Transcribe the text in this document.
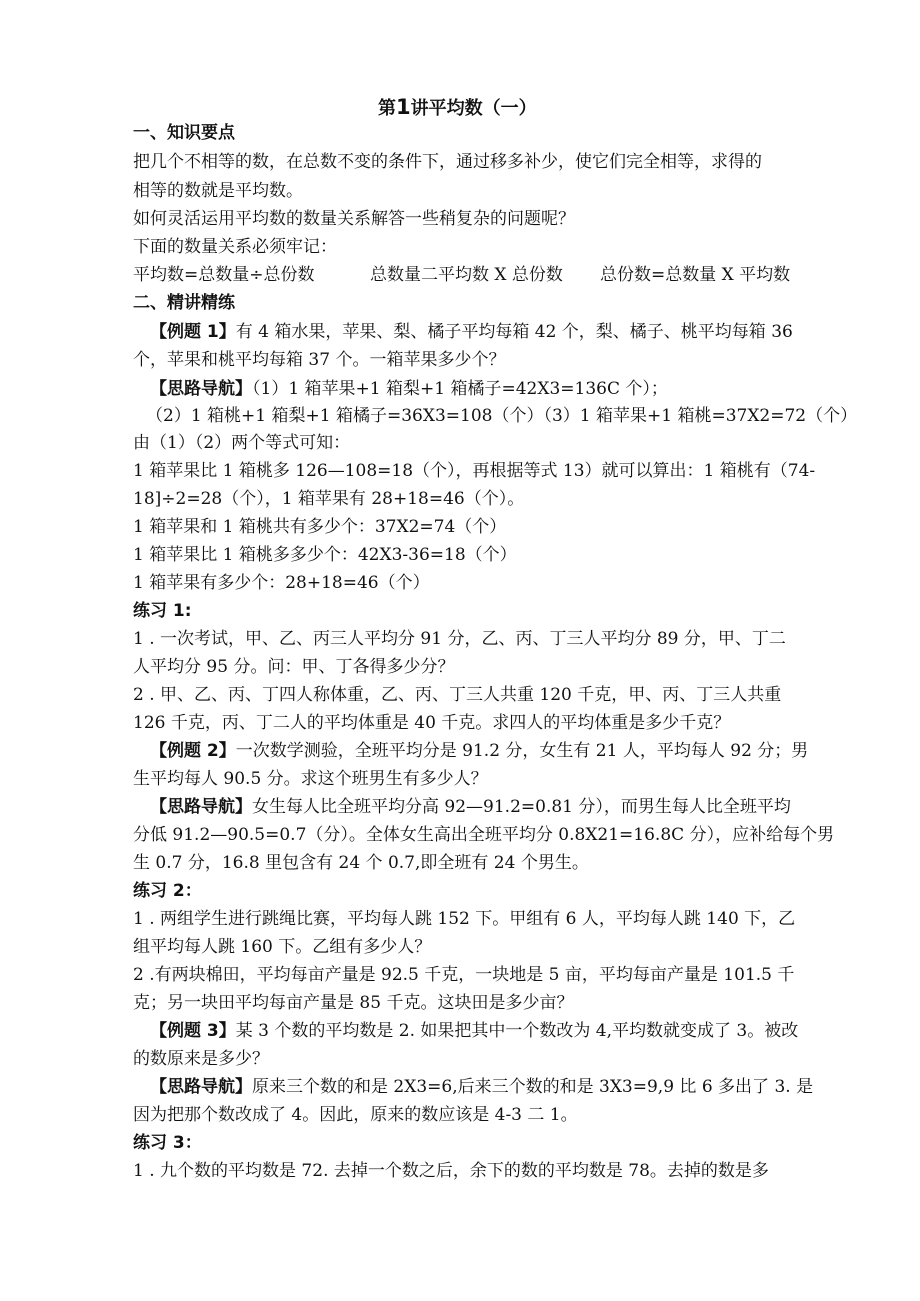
第1讲平均数（一）
一、知识要点
把几个不相等的数，在总数不变的条件下，通过移多补少，使它们完全相等，求得的
相等的数就是平均数。
如何灵活运用平均数的数量关系解答一些稍复杂的问题呢？
下面的数量关系必须牢记：
平均数=总数量÷总份数	总数量二平均数 X 总份数 总份数=总数量 X 平均数
二、精讲精练
【例题 1】有 4 箱水果，苹果、梨、橘子平均每箱 42 个，梨、橘子、桃平均每箱 36
个，苹果和桃平均每箱 37 个。一箱苹果多少个？
【思路导航】（1）1 箱苹果+1 箱梨+1 箱橘子=42X3=136C 个）；
（2）1 箱桃+1 箱梨+1 箱橘子=36X3=108（个）（3）1 箱苹果+1 箱桃=37X2=72（个）
由（1）（2）两个等式可知：
1 箱苹果比 1 箱桃多 126—108=18（个），再根据等式 13）就可以算出：1 箱桃有（74-
18]÷2=28（个），1 箱苹果有 28+18=46（个）。
1 箱苹果和 1 箱桃共有多少个：37X2=74（个）
1 箱苹果比 1 箱桃多多少个：42X3-36=18（个）
1 箱苹果有多少个：28+18=46（个）
练习 1:
1 . 一次考试，甲、乙、丙三人平均分 91 分，乙、丙、丁三人平均分 89 分，甲、丁二
人平均分 95 分。问：甲、丁各得多少分？
2 . 甲、乙、丙、丁四人称体重，乙、丙、丁三人共重 120 千克，甲、丙、丁三人共重
126 千克，丙、丁二人的平均体重是 40 千克。求四人的平均体重是多少千克？
【例题 2】一次数学测验，全班平均分是 91.2 分，女生有 21 人，平均每人 92 分；男
生平均每人 90.5 分。求这个班男生有多少人？
【思路导航】女生每人比全班平均分高 92—91.2=0.81 分），而男生每人比全班平均
分低 91.2—90.5=0.7（分）。全体女生高出全班平均分 0.8X21=16.8C 分），应补给每个男
生 0.7 分，16.8 里包含有 24 个 0.7,即全班有 24 个男生。
练习 2：
1 . 两组学生进行跳绳比赛，平均每人跳 152 下。甲组有 6 人，平均每人跳 140 下，乙
组平均每人跳 160 下。乙组有多少人？
2 .有两块棉田，平均每亩产量是 92.5 千克，一块地是 5 亩，平均每亩产量是 101.5 千
克；另一块田平均每亩产量是 85 千克。这块田是多少亩？
【例题 3】某 3 个数的平均数是 2. 如果把其中一个数改为 4,平均数就变成了 3。被改
的数原来是多少？
【思路导航】原来三个数的和是 2X3=6,后来三个数的和是 3X3=9,9 比 6 多出了 3. 是
因为把那个数改成了 4。因此，原来的数应该是 4-3 二 1。
练习 3：
1 . 九个数的平均数是 72. 去掉一个数之后，余下的数的平均数是 78。去掉的数是多
